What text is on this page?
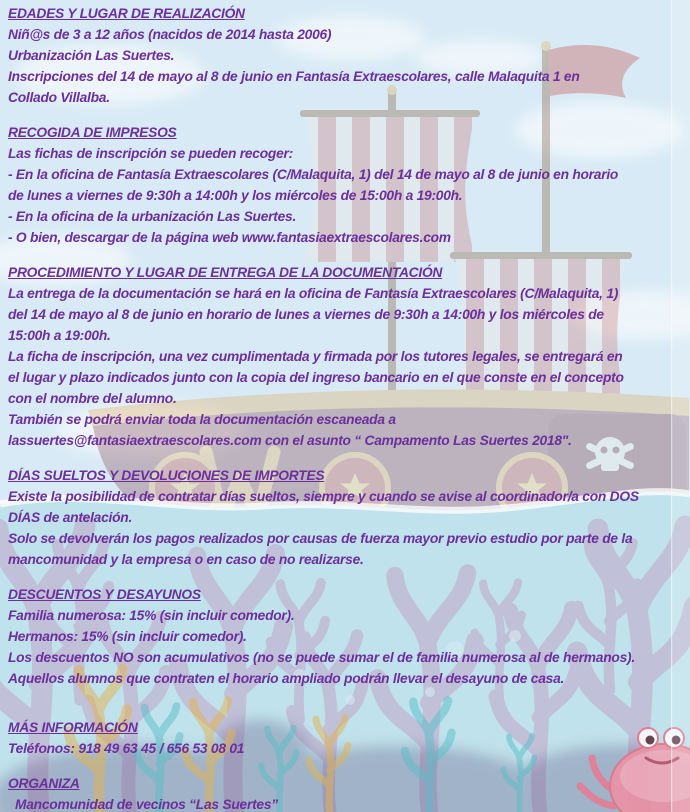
EDADES Y LUGAR DE REALIZACIÓN

Niñ@s de 3 a 12 años (nacidos de 2014 hasta 2006)

Urbanización Las Suertes.

Inscripciones del 14 de mayo al 8 de junio en Fantasía Extraescolares, calle Malaquita 1 en
Collado Villalba.

RECOGIDA DE IMPRESOS

Las fichas de inscripción se pueden recoger:

- En la oficina de Fantasía Extraescolares (C/Malaquita, 1) del 14 de mayo al 8 de junio en horario
de lunes a viernes de 9:30h a 14:00h y los miércoles de 15:00h a 19:00h.

- En la oficina de la urbanización Las Suertes.

- O bien, descargar de la página web www.fantasiaextraescolares.com

PROCEDIMIENTO Y LUGAR DE ENTREGA DE LA DOCUMENTACIÓN

La entrega de la documentación se hará en la oficina de Fantasía Extraescolares (C/Malaquita, 1)
del 14 de mayo al 8 de junio en horario de lunes a viernes de 9:30h a 14:00h y los miércoles de
15:00h a 19:00h.

La ficha de inscripción, una vez cumplimentada y firmada por los tutores legales, se entregará en
el lugar y plazo indicados junto con la copia del ingreso bancario en el que conste en el concepto
con el nombre del alumno.

También se podrá enviar toda la documentación escaneada a
lassuertes@fantasiaextraescolares.com con el asunto “ Campamento Las Suertes 2018".

DÍAS SUELTOS Y DEVOLUCIONES DE IMPORTES

Existe la posibilidad de contratar días sueltos, siempre y cuando se avise al coordinador/a con DOS
DÍAS de antelación.

Solo se devolverán los pagos realizados por causas de fuerza mayor previo estudio por parte de la
mancomunidad y la empresa o en caso de no realizarse.

DESCUENTOS Y DESAYUNOS

Familia numerosa: 15% (sin incluir comedor).

Hermanos: 15% (sin incluir comedor).

Los descuentos NO son acumulativos (no se puede sumar el de familia numerosa al de hermanos).

Aquellos alumnos que contraten el horario ampliado podrán llevar el desayuno de casa.

MÁS INFORMACIÓN

Teléfonos: 918 49 63 45 / 656 53 08 01

ORGANIZA

Mancomunidad de vecinos “Las Suertes”
